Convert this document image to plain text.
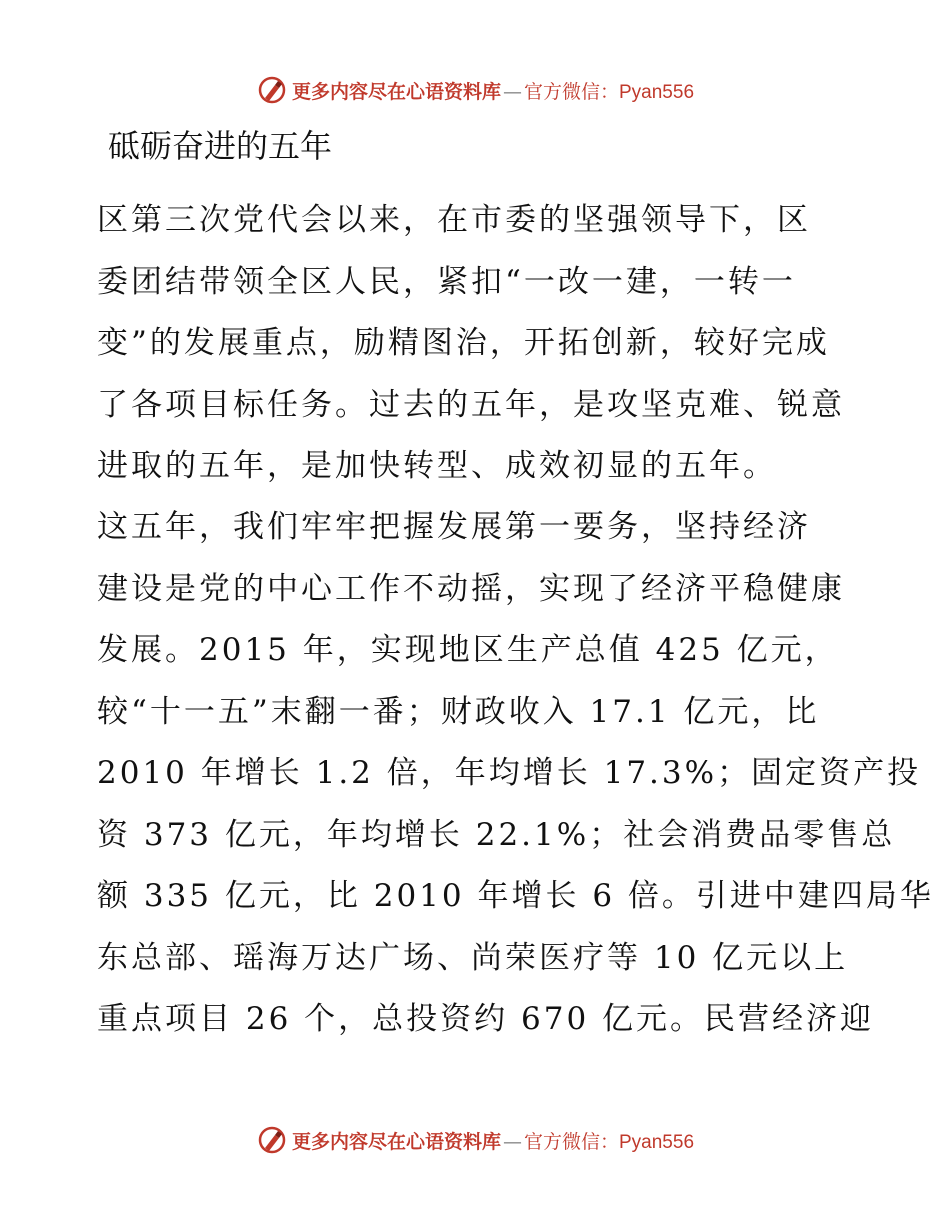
更多内容尽在心语资料库 — 官方微信：Pyan556
砥砺奋进的五年

区第三次党代会以来，在市委的坚强领导下，区
委团结带领全区人民，紧扣“一改一建，一转一
变”的发展重点，励精图治，开拓创新，较好完成
了各项目标任务。过去的五年，是攻坚克难、锐意
进取的五年，是加快转型、成效初显的五年。

这五年，我们牢牢把握发展第一要务，坚持经济
建设是党的中心工作不动摇，实现了经济平稳健康
发展。2015 年，实现地区生产总值 425 亿元，
较“十一五”末翻一番；财政收入 17.1 亿元，比
2010 年增长 1.2 倍，年均增长 17.3%；固定资产投
资 373 亿元，年均增长 22.1%；社会消费品零售总
额 335 亿元，比 2010 年增长 6 倍。引进中建四局华
东总部、瑶海万达广场、尚荣医疗等 10 亿元以上
重点项目 26 个，总投资约 670 亿元。民营经济迎

更多内容尽在心语资料库 — 官方微信：Pyan556
